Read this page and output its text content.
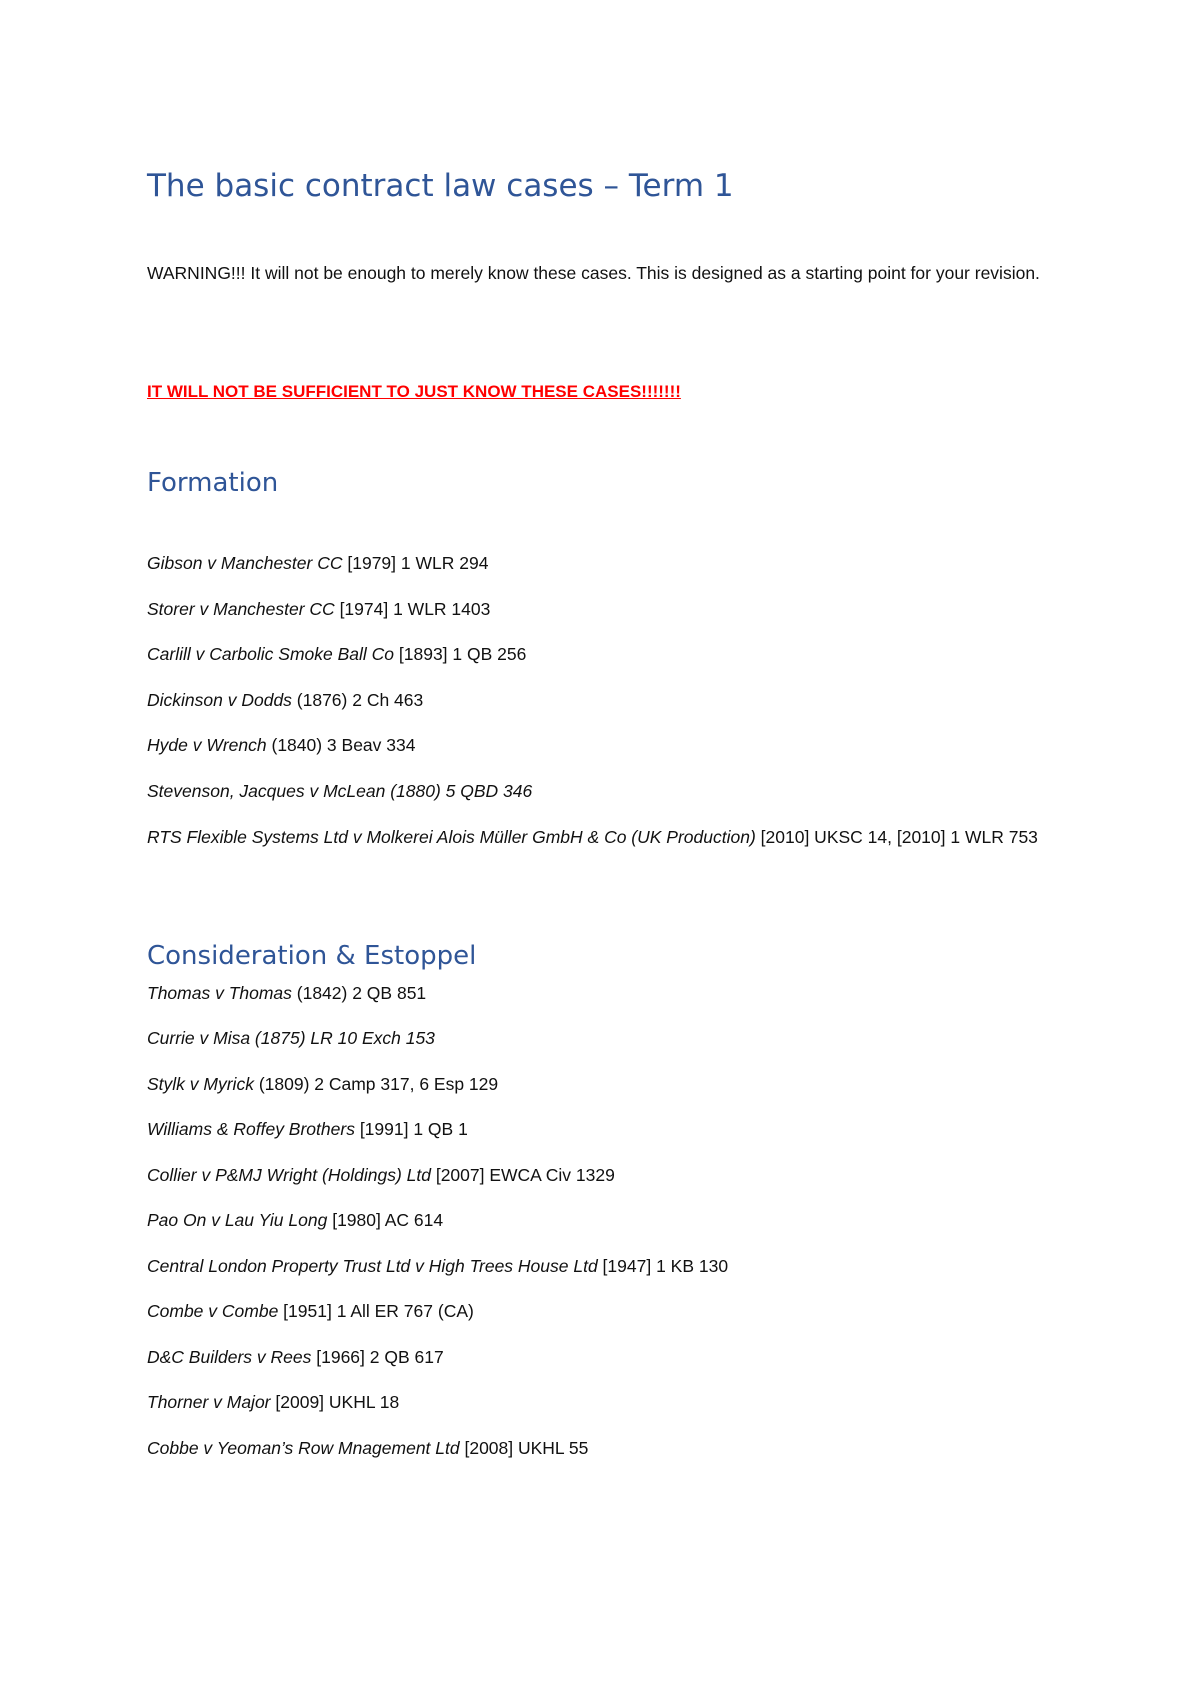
The basic contract law cases – Term 1
WARNING!!! It will not be enough to merely know these cases. This is designed as a starting point for your revision.
IT WILL NOT BE SUFFICIENT TO JUST KNOW THESE CASES!!!!!!!
Formation
Gibson v Manchester CC [1979] 1 WLR 294
Storer v Manchester CC [1974] 1 WLR 1403
Carlill v Carbolic Smoke Ball Co [1893] 1 QB 256
Dickinson v Dodds (1876) 2 Ch 463
Hyde v Wrench (1840) 3 Beav 334
Stevenson, Jacques v McLean (1880) 5 QBD 346
RTS Flexible Systems Ltd v Molkerei Alois Müller GmbH & Co (UK Production) [2010] UKSC 14, [2010] 1 WLR 753
Consideration & Estoppel
Thomas v Thomas (1842) 2 QB 851
Currie v Misa (1875) LR 10 Exch 153
Stylk v Myrick (1809) 2 Camp 317, 6 Esp 129
Williams & Roffey Brothers [1991] 1 QB 1
Collier v P&MJ Wright (Holdings) Ltd [2007] EWCA Civ 1329
Pao On v Lau Yiu Long [1980] AC 614
Central London Property Trust Ltd v High Trees House Ltd [1947] 1 KB 130
Combe v Combe [1951] 1 All ER 767 (CA)
D&C Builders v Rees [1966] 2 QB 617
Thorner v Major [2009] UKHL 18
Cobbe v Yeoman’s Row Mnagement Ltd [2008] UKHL 55
